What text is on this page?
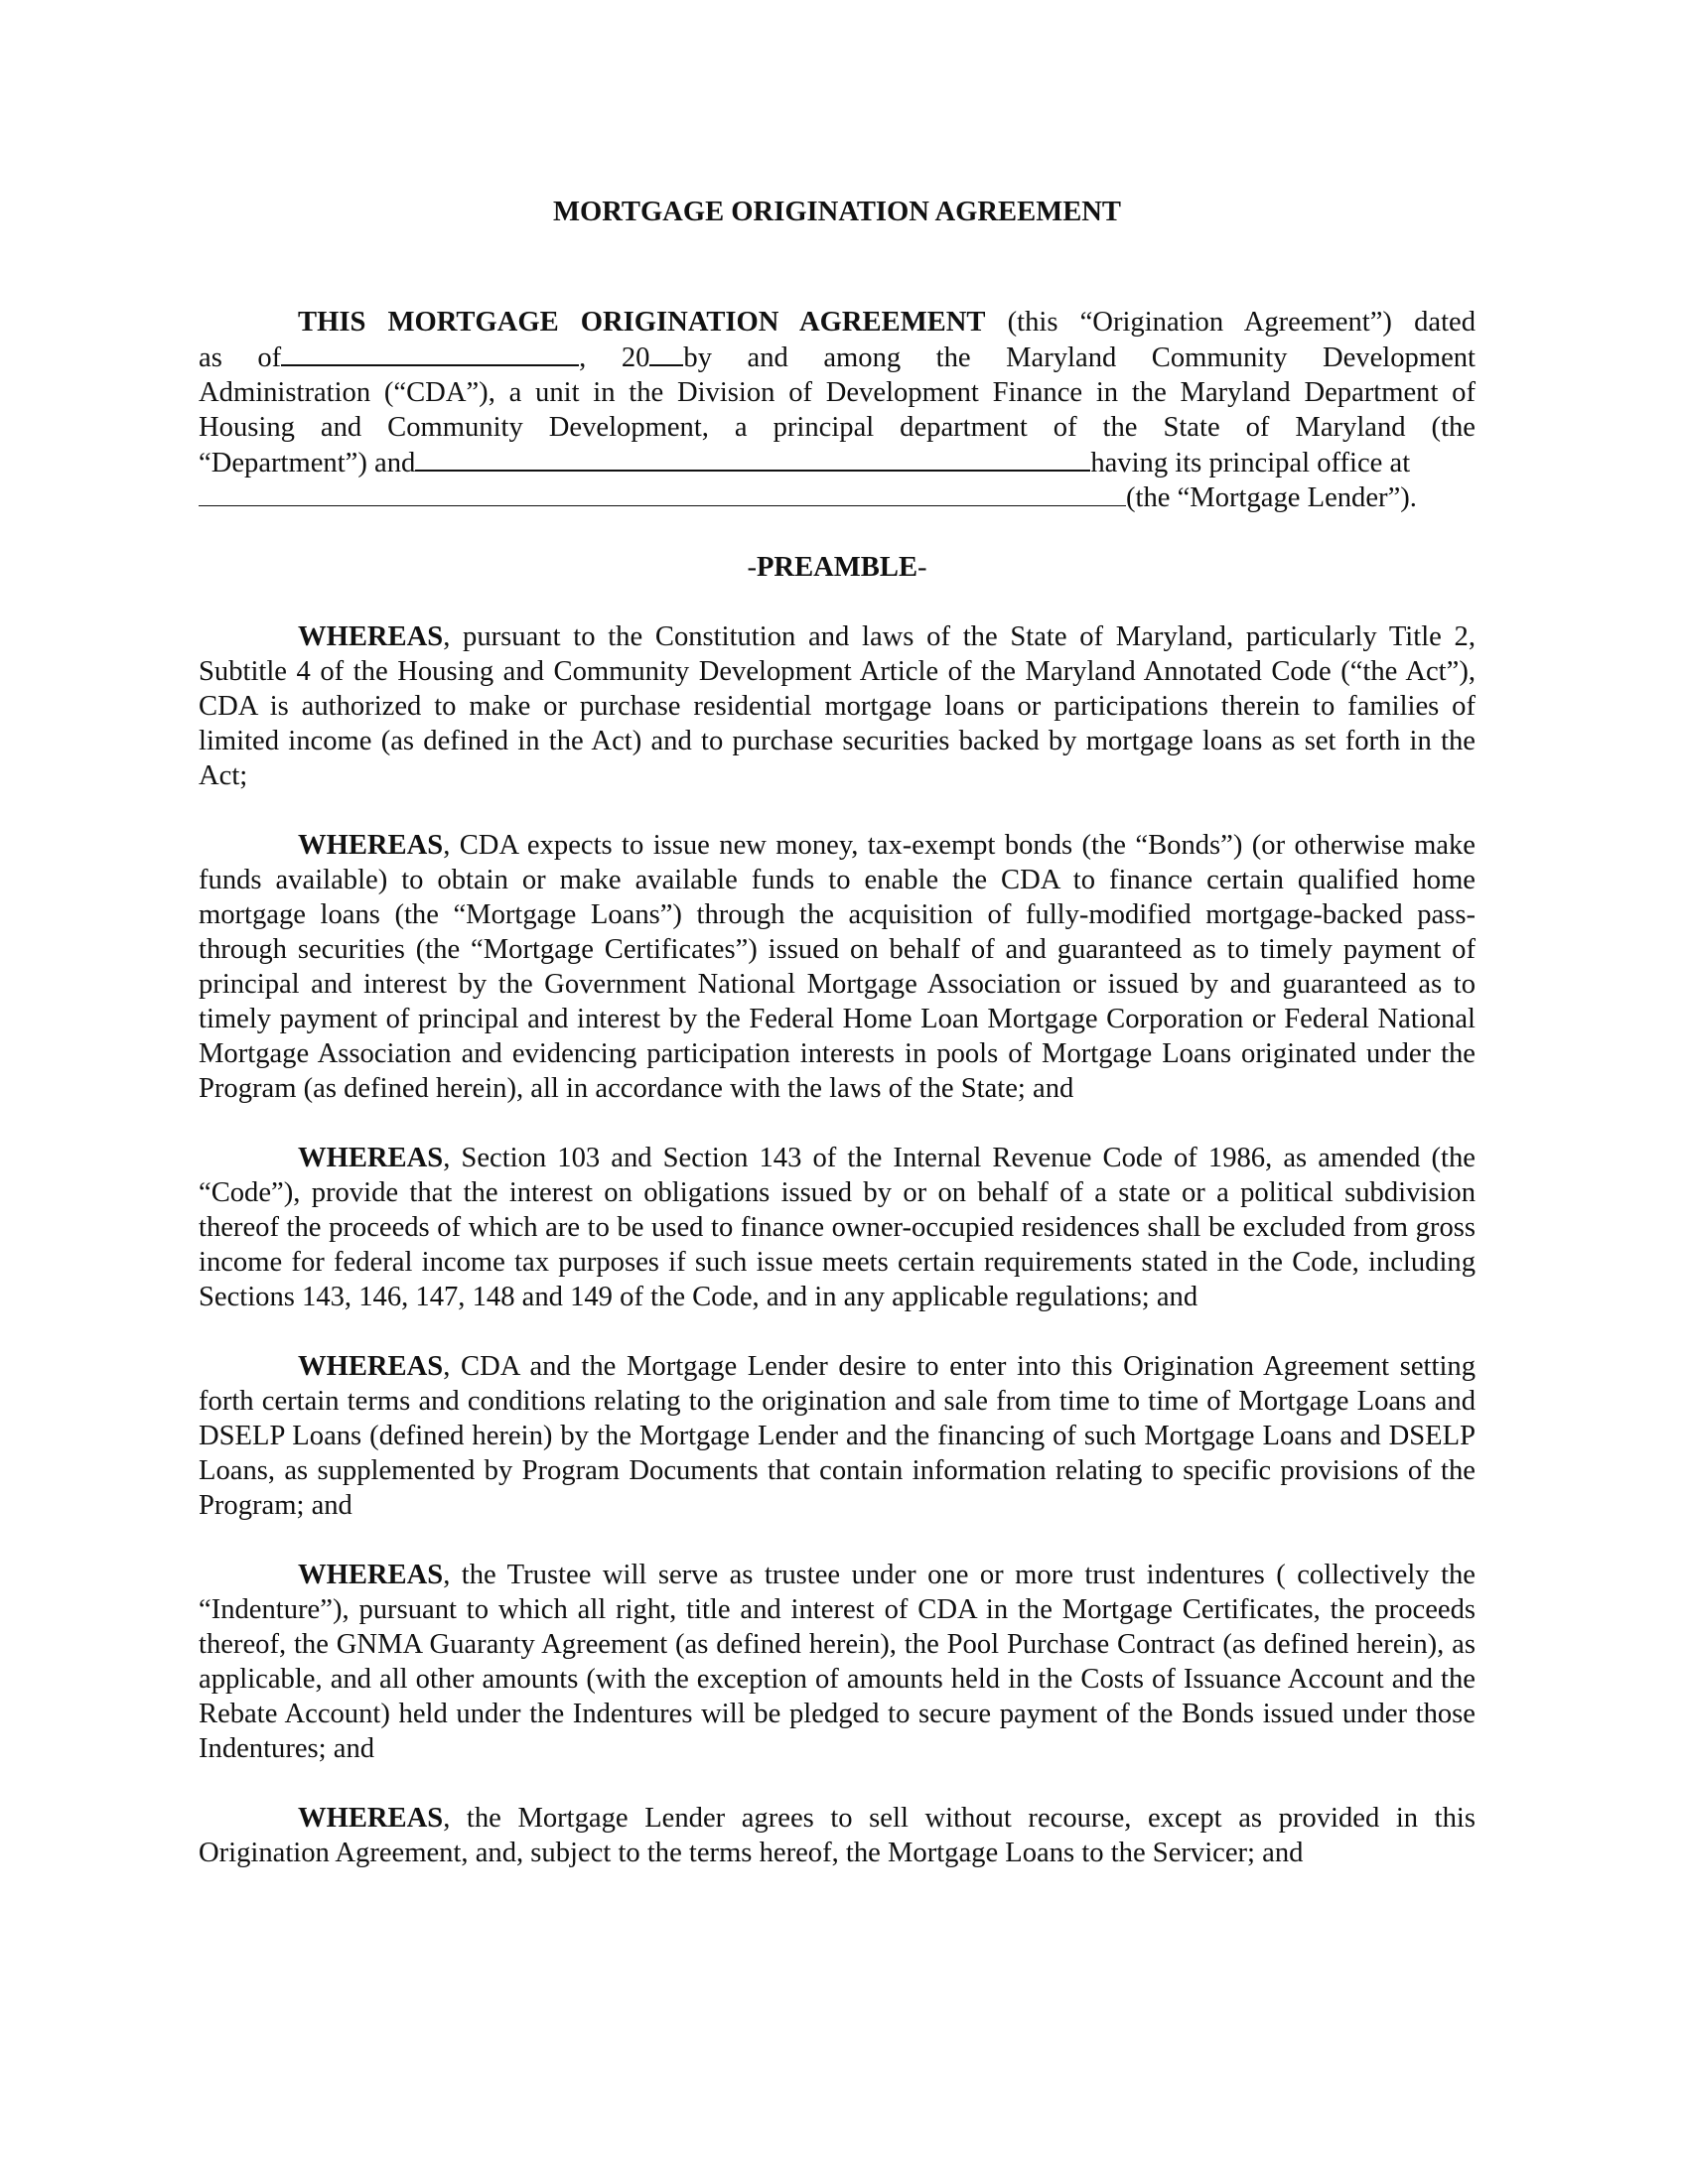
MORTGAGE ORIGINATION AGREEMENT
THIS MORTGAGE ORIGINATION AGREEMENT (this “Origination Agreement”) dated
as of	, 20 by and among the Maryland Community Development
Administration (“CDA”), a unit in the Division of Development Finance in the Maryland Department of
Housing and Community Development, a principal department of the State of Maryland (the
“Department”) and	having its principal office at
(the “Mortgage Lender”).
-PREAMBLE-

WHEREAS, pursuant to the Constitution and laws of the State of Maryland, particularly Title 2, Subtitle 4 of the Housing and Community Development Article of the Maryland Annotated Code (“the Act”), CDA is authorized to make or purchase residential mortgage loans or participations therein to families of limited income (as defined in the Act) and to purchase securities backed by mortgage loans as set forth in the Act;

WHEREAS, CDA expects to issue new money, tax-exempt bonds (the “Bonds”) (or otherwise make funds available) to obtain or make available funds to enable the CDA to finance certain qualified home mortgage loans (the “Mortgage Loans”) through the acquisition of fully-modified mortgage-backed pass-through securities (the “Mortgage Certificates”) issued on behalf of and guaranteed as to timely payment of principal and interest by the Government National Mortgage Association or issued by and guaranteed as to timely payment of principal and interest by the Federal Home Loan Mortgage Corporation or Federal National Mortgage Association and evidencing participation interests in pools of Mortgage Loans originated under the Program (as defined herein), all in accordance with the laws of the State; and

WHEREAS, Section 103 and Section 143 of the Internal Revenue Code of 1986, as amended (the “Code”), provide that the interest on obligations issued by or on behalf of a state or a political subdivision thereof the proceeds of which are to be used to finance owner-occupied residences shall be excluded from gross income for federal income tax purposes if such issue meets certain requirements stated in the Code, including Sections 143, 146, 147, 148 and 149 of the Code, and in any applicable regulations; and

WHEREAS, CDA and the Mortgage Lender desire to enter into this Origination Agreement setting forth certain terms and conditions relating to the origination and sale from time to time of Mortgage Loans and DSELP Loans (defined herein) by the Mortgage Lender and the financing of such Mortgage Loans and DSELP Loans, as supplemented by Program Documents that contain information relating to specific provisions of the Program; and

WHEREAS, the Trustee will serve as trustee under one or more trust indentures ( collectively the “Indenture”), pursuant to which all right, title and interest of CDA in the Mortgage Certificates, the proceeds thereof, the GNMA Guaranty Agreement (as defined herein), the Pool Purchase Contract (as defined herein), as applicable, and all other amounts (with the exception of amounts held in the Costs of Issuance Account and the Rebate Account) held under the Indentures will be pledged to secure payment of the Bonds issued under those Indentures; and

WHEREAS, the Mortgage Lender agrees to sell without recourse, except as provided in this Origination Agreement, and, subject to the terms hereof, the Mortgage Loans to the Servicer; and
